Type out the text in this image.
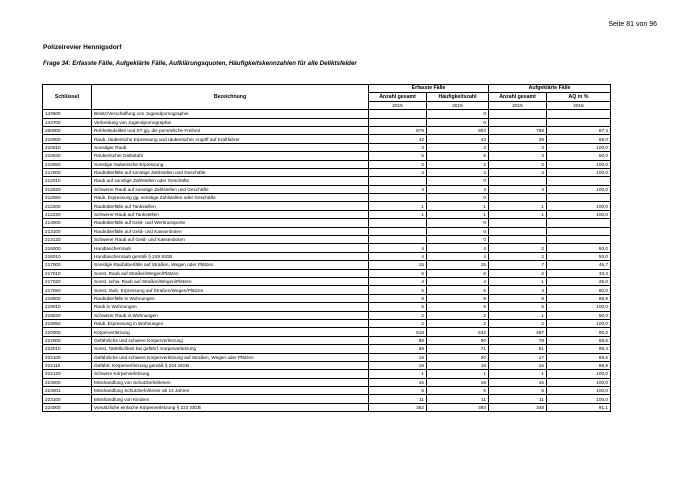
Seite 81 von 96
Polizeirevier Hennigsdorf
Frage 34: Erfasste Fälle, Aufgeklärte Fälle, Aufklärungsquoten, Häufigkeitskennzahlen für alle Deliktsfelder
Schlüssel	Bezeichnung	Erfasste Fälle		Aufgeklärte Fälle	
		Anzahl gesamt	Häufigkeitszahl	Anzahl gesamt	AQ in %
		2015	2015	2015	2015
143600	Besitz/Verschaffung von Jugendpornographie		0		
143700	Verbreitung von Jugendpornographie		0		
200000	Rohheitsdelikte und ST gg. die persönliche Freiheit	879	903	768	87,4
210000	Raub, räuberische Erpressung und räuberischer Angriff auf Kraftfahrer	42	43	29	69,0
210010	Sonstiger Raub	3	3	3	100,0
210040	Räuberischer Diebstahl	5	5	3	60,0
210050	Sonstige räuberische Erpressung	2	2	2	100,0
212000	Raubüberfälle auf sonstige Zahlstellen und Geschäfte	4	4	4	100,0
212010	Raub auf sonstige Zahlstellen oder Geschäfte		0		
212020	Schwerer Raub auf sonstige Zahlstellen und Geschäfte	3	3	3	100,0
212050	Räub. Erpressung gg. sonstige Zahlstellen oder Geschäfte		0		
212200	Raubüberfälle auf Tankstellen	1	1	1	100,0
212220	Schwerer Raub auf Tankstellen	1	1	1	100,0
213000	Raubüberfälle auf Geld- und Werttransporte		0		
213100	Raubüberfälle auf Geld- und Kassenboten		0		
213120	Schwerer Raub auf Geld- und Kassenboten		0		
216000	Handtaschenraub	4	4	2	50,0
216010	Handtaschenraub gemäß § 249 StGB	4	4	2	50,0
217000	Sonstige Raubüberfälle auf Straßen, Wegen oder Plätzen	15	15	7	46,7
217010	Sonst. Raub auf Straßen/Wegen/Plätzen	6	6	2	33,3
217020	Sonst. schw. Raub auf Straßen/Wegen/Plätzen	4	4	1	25,0
217050	Sonst. räub. Erpressung auf Straßen/Wegen/Plätzen	5	5	4	80,0
219000	Raubüberfälle in Wohnungen	9	9	8	88,9
219010	Raub in Wohnungen	5	5	5	100,0
219020	Schwerer Raub in Wohnungen	2	2	1	50,0
219050	Räub. Erpressung in Wohnungen	2	2	2	100,0
220000	Körperverletzung	518	532	467	90,2
222000	Gefährliche und schwere Körperverletzung	88	90	78	88,6
222010	Sonst. Tatörtlichkeit bei gefährl. Körperverletzung	69	71	61	88,4
222100	Gefährliche und schwere Körperverletzung auf Straßen, Wegen oder Plätzen	19	20	17	89,5
222110	Gefährl. Körperverletzung gemäß § 224 StGB	18	18	16	88,9
222120	Schwere Körperverletzung	1	1	1	100,0
223000	Misshandlung von Schutzbefohlenen	16	16	16	100,0
223001	Misshandlung Schutzbefohlener ab 14 Jahren	5	5	5	100,0
223100	Misshandlung von Kindern	11	11	11	100,0
224000	Vorsätzliche einfache Körperverletzung § 223 StGB	382	393	348	91,1
